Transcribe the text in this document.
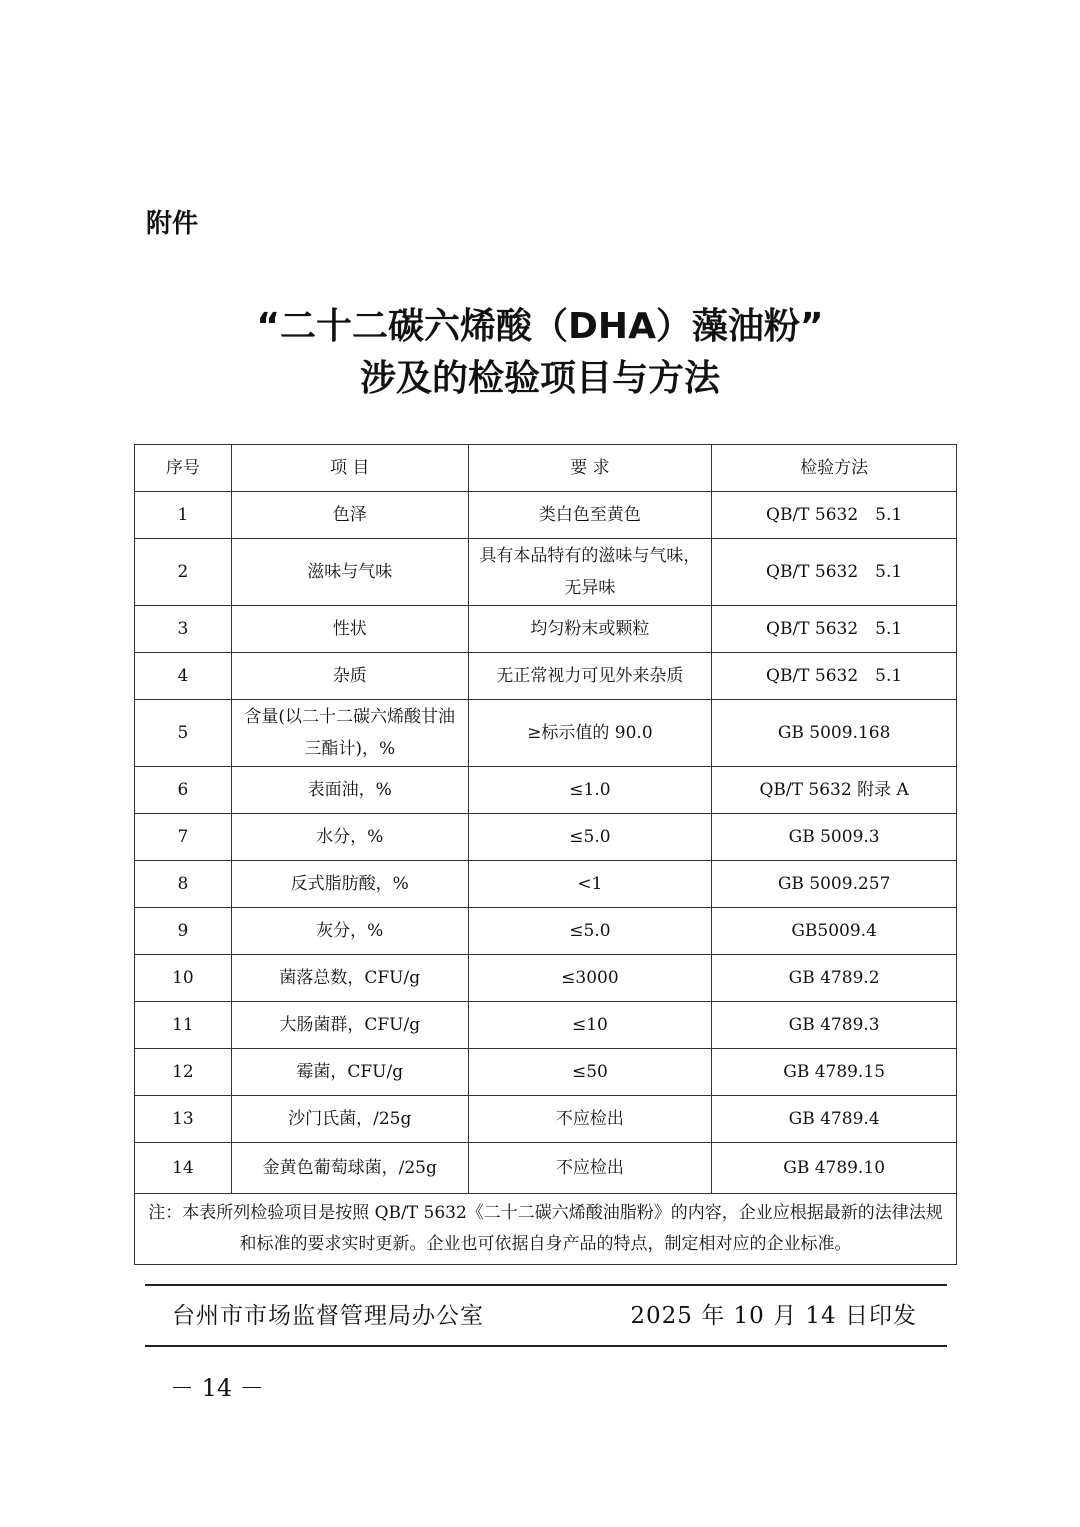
附件
“二十二碳六烯酸（DHA）藻油粉”
涉及的检验项目与方法
序号	项 目	要 求	检验方法
1	色泽	类白色至黄色	QB/T 5632　5.1
2	滋味与气味	具有本品特有的滋味与气味，无异味	QB/T 5632　5.1
3	性状	均匀粉末或颗粒	QB/T 5632　5.1
4	杂质	无正常视力可见外来杂质	QB/T 5632　5.1
5	含量(以二十二碳六烯酸甘油三酯计)，%	≥标示值的 90.0	GB 5009.168
6	表面油，%	≤1.0	QB/T 5632 附录 A
7	水分，%	≤5.0	GB 5009.3
8	反式脂肪酸，%	<1	GB 5009.257
9	灰分，%	≤5.0	GB5009.4
10	菌落总数，CFU/g	≤3000	GB 4789.2
11	大肠菌群，CFU/g	≤10	GB 4789.3
12	霉菌，CFU/g	≤50	GB 4789.15
13	沙门氏菌，/25g	不应检出	GB 4789.4
14	金黄色葡萄球菌，/25g	不应检出	GB 4789.10
注：本表所列检验项目是按照 QB/T 5632《二十二碳六烯酸油脂粉》的内容，企业应根据最新的法律法规和标准的要求实时更新。企业也可依据自身产品的特点，制定相对应的企业标准。			
台州市市场监督管理局办公室	2025 年 10 月 14 日印发
－ 14 －
